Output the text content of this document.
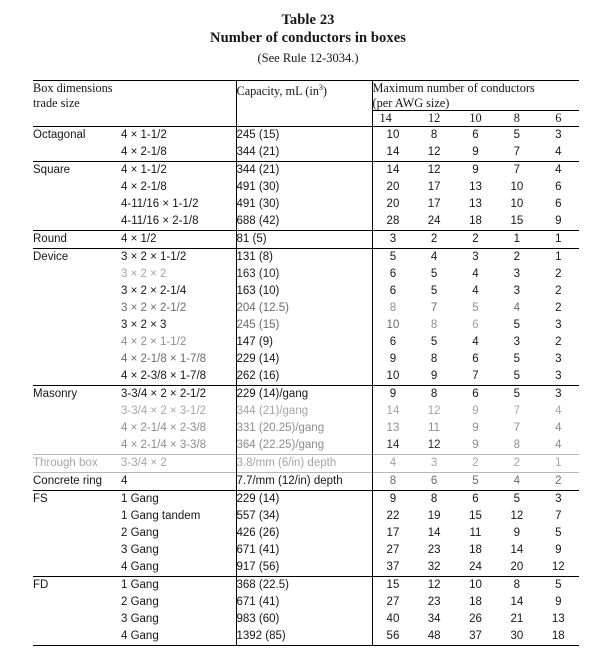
Table 23
Number of conductors in boxes
(See Rule 12-3034.)
Box dimensions
trade size		Capacity, mL $(in^3)$	Maximum number of conductors
(per AWG size)				
			14	12	10	8	6
Octagonal	4 × 1-1/2	245 (15)	10	8	6	5	3
	4 × 2-1/8	344 (21)	14	12	9	7	4
Square	4 × 1-1/2	344 (21)	14	12	9	7	4
	4 × 2-1/8	491 (30)	20	17	13	10	6
	4-11/16 × 1-1/2	491 (30)	20	17	13	10	6
	4-11/16 × 2-1/8	688 (42)	28	24	18	15	9
Round	4 × 1/2	81 (5)	3	2	2	1	1
Device	3 × 2 × 1-1/2	131 (8)	5	4	3	2	1
	3 × 2 × 2	163 (10)	6	5	4	3	2
	3 × 2 × 2-1/4	163 (10)	6	5	4	3	2
	3 × 2 × 2-1/2	204 (12.5)	8	7	5	4	2
	3 × 2 × 3	245 (15)	10	8	6	5	3
	4 × 2 × 1-1/2	147 (9)	6	5	4	3	2
	4 × 2-1/8 × 1-7/8	229 (14)	9	8	6	5	3
	4 × 2-3/8 × 1-7/8	262 (16)	10	9	7	5	3
Masonry	3-3/4 × 2 × 2-1/2	229 (14)/gang	9	8	6	5	3
	3-3/4 × 2 × 3-1/2	344 (21)/gang	14	12	9	7	4
	4 × 2-1/4 × 2-3/8	331 (20.25)/gang	13	11	9	7	4
	4 × 2-1/4 × 3-3/8	364 (22.25)/gang	14	12	9	8	4
Through box	3-3/4 × 2	3.8/mm (6/in) depth	4	3	2	2	1
Concrete ring	4	7.7/mm (12/in) depth	8	6	5	4	2
FS	1 Gang	229 (14)	9	8	6	5	3
	1 Gang tandem	557 (34)	22	19	15	12	7
	2 Gang	426 (26)	17	14	11	9	5
	3 Gang	671 (41)	27	23	18	14	9
	4 Gang	917 (56)	37	32	24	20	12
FD	1 Gang	368 (22.5)	15	12	10	8	5
	2 Gang	671 (41)	27	23	18	14	9
	3 Gang	983 (60)	40	34	26	21	13
	4 Gang	1392 (85)	56	48	37	30	18
